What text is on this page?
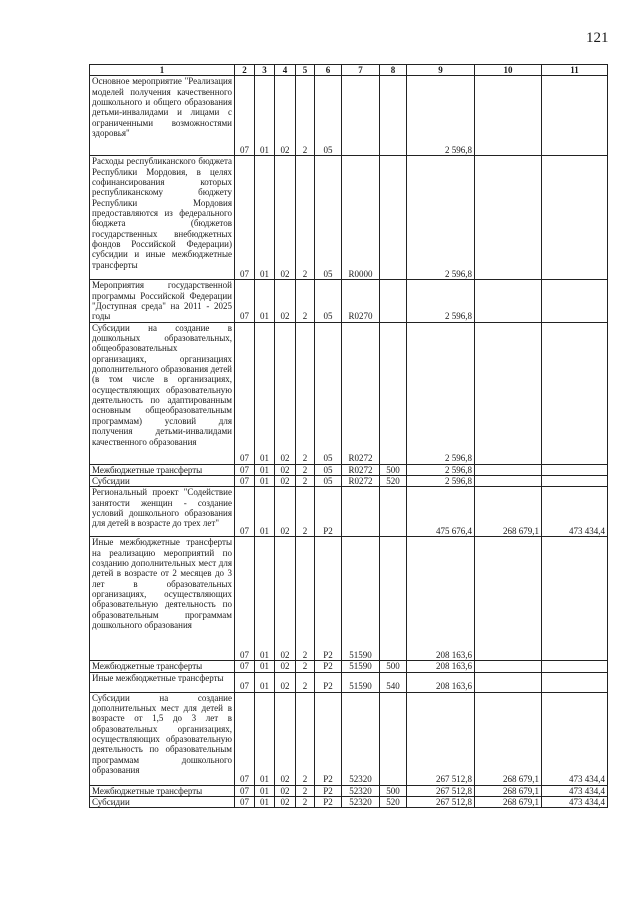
121
1	2	3	4	5	6	7	8	9	10	11
Основное мероприятие "Реализация моделей получения качественного дошкольного и общего образования детьми-инвалидами и лицами с ограниченными возможностями здоровья"	07	01	02	2	05			2 596,8		
Расходы республиканского бюджета Республики Мордовия, в целях софинансирования которых республиканскому бюджету Республики Мордовия предоставляются из федерального бюджета (бюджетов государственных внебюджетных фондов Российской Федерации) субсидии и иные межбюджетные трансферты	07	01	02	2	05	R0000		2 596,8		
Мероприятия государственной программы Российской Федерации "Доступная среда" на 2011 - 2025 годы	07	01	02	2	05	R0270		2 596,8		
Субсидии на создание в дошкольных образовательных, общеобразовательных организациях, организациях дополнительного образования детей (в том числе в организациях, осуществляющих образовательную деятельность по адаптированным основным общеобразовательным программам) условий для получения детьми-инвалидами качественного образования	07	01	02	2	05	R0272		2 596,8		
Межбюджетные трансферты	07	01	02	2	05	R0272	500	2 596,8		
Субсидии	07	01	02	2	05	R0272	520	2 596,8		
Региональный проект "Содействие занятости женщин - создание условий дошкольного образования для детей в возрасте до трех лет"	07	01	02	2	P2			475 676,4	268 679,1	473 434,4
Иные межбюджетные трансферты на реализацию мероприятий по созданию дополнительных мест для детей в возрасте от 2 месяцев до 3 лет в образовательных организациях, осуществляющих образовательную деятельность по образовательным программам дошкольного образования	07	01	02	2	P2	51590		208 163,6		
Межбюджетные трансферты	07	01	02	2	P2	51590	500	208 163,6		
Иные межбюджетные трансферты	07	01	02	2	P2	51590	540	208 163,6		
Субсидии на создание дополнительных мест для детей в возрасте от 1,5 до 3 лет в образовательных организациях, осуществляющих образовательную деятельность по образовательным программам дошкольного образования	07	01	02	2	P2	52320		267 512,8	268 679,1	473 434,4
Межбюджетные трансферты	07	01	02	2	P2	52320	500	267 512,8	268 679,1	473 434,4
Субсидии	07	01	02	2	P2	52320	520	267 512,8	268 679,1	473 434,4
